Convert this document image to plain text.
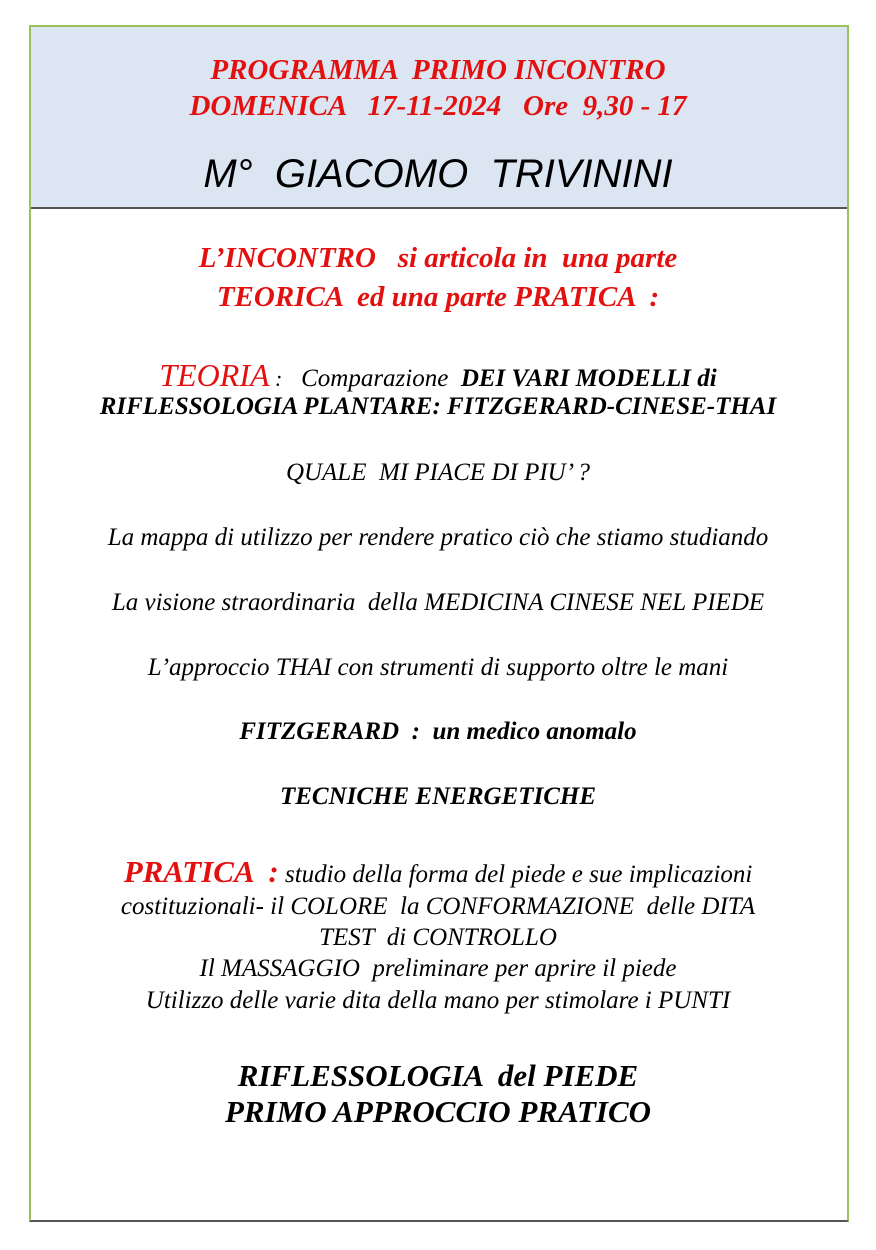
PROGRAMMA  PRIMO INCONTRO
DOMENICA   17-11-2024   Ore  9,30 - 17
M°  GIACOMO  TRIVININI
L’INCONTRO   si articola in  una parte
TEORICA  ed una parte PRATICA  :
TEORIA :   Comparazione  DEI VARI MODELLI di
RIFLESSOLOGIA PLANTARE: FITZGERARD-CINESE-THAI
QUALE  MI PIACE DI PIU’ ?
La mappa di utilizzo per rendere pratico ciò che stiamo studiando
La visione straordinaria  della MEDICINA CINESE NEL PIEDE
L’approccio THAI con strumenti di supporto oltre le mani
FITZGERARD  :  un medico anomalo
TECNICHE ENERGETICHE
PRATICA  : studio della forma del piede e sue implicazioni
costituzionali- il COLORE  la CONFORMAZIONE  delle DITA
TEST  di CONTROLLO
Il MASSAGGIO  preliminare per aprire il piede
Utilizzo delle varie dita della mano per stimolare i PUNTI
RIFLESSOLOGIA  del PIEDE
PRIMO APPROCCIO PRATICO
